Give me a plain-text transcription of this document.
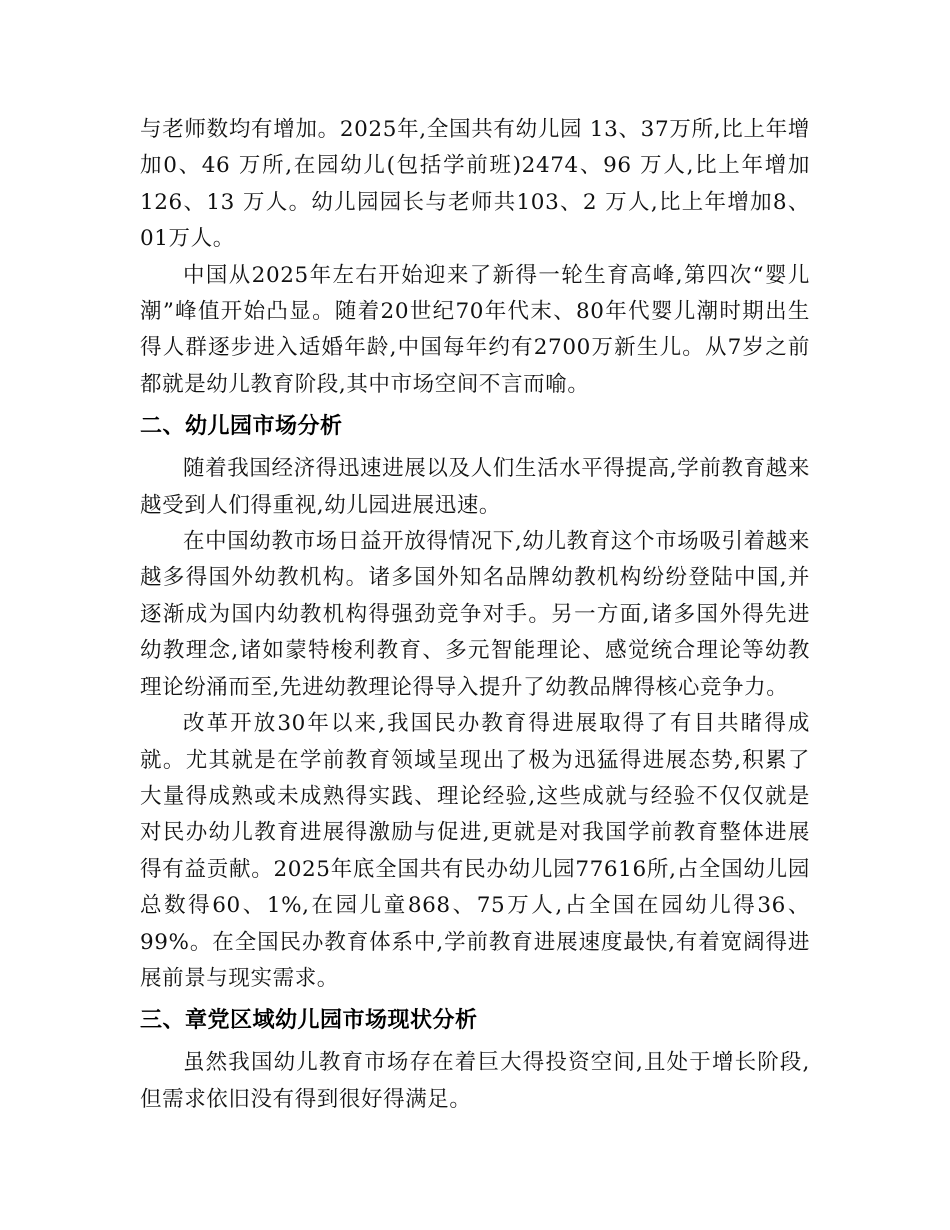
与老师数均有增加。2025年,全国共有幼儿园 13、37万所,比上年增加0、46 万所,在园幼儿(包括学前班)2474、96 万人,比上年增加126、13 万人。幼儿园园长与老师共103、2 万人,比上年增加8、01万人。

中国从2025年左右开始迎来了新得一轮生育高峰,第四次“婴儿潮”峰值开始凸显。随着20世纪70年代末、80年代婴儿潮时期出生得人群逐步进入适婚年龄,中国每年约有2700万新生儿。从7岁之前都就是幼儿教育阶段,其中市场空间不言而喻。

二、幼儿园市场分析

随着我国经济得迅速进展以及人们生活水平得提高,学前教育越来越受到人们得重视,幼儿园进展迅速。

在中国幼教市场日益开放得情况下,幼儿教育这个市场吸引着越来越多得国外幼教机构。诸多国外知名品牌幼教机构纷纷登陆中国,并逐渐成为国内幼教机构得强劲竞争对手。另一方面,诸多国外得先进幼教理念,诸如蒙特梭利教育、多元智能理论、感觉统合理论等幼教理论纷涌而至,先进幼教理论得导入提升了幼教品牌得核心竞争力。

改革开放30年以来,我国民办教育得进展取得了有目共睹得成就。尤其就是在学前教育领域呈现出了极为迅猛得进展态势,积累了大量得成熟或未成熟得实践、理论经验,这些成就与经验不仅仅就是对民办幼儿教育进展得激励与促进,更就是对我国学前教育整体进展得有益贡献。2025年底全国共有民办幼儿园77616所,占全国幼儿园总数得60、1%,在园儿童868、75万人,占全国在园幼儿得36、99%。在全国民办教育体系中,学前教育进展速度最快,有着宽阔得进展前景与现实需求。

三、章党区域幼儿园市场现状分析

虽然我国幼儿教育市场存在着巨大得投资空间,且处于增长阶段,但需求依旧没有得到很好得满足。
